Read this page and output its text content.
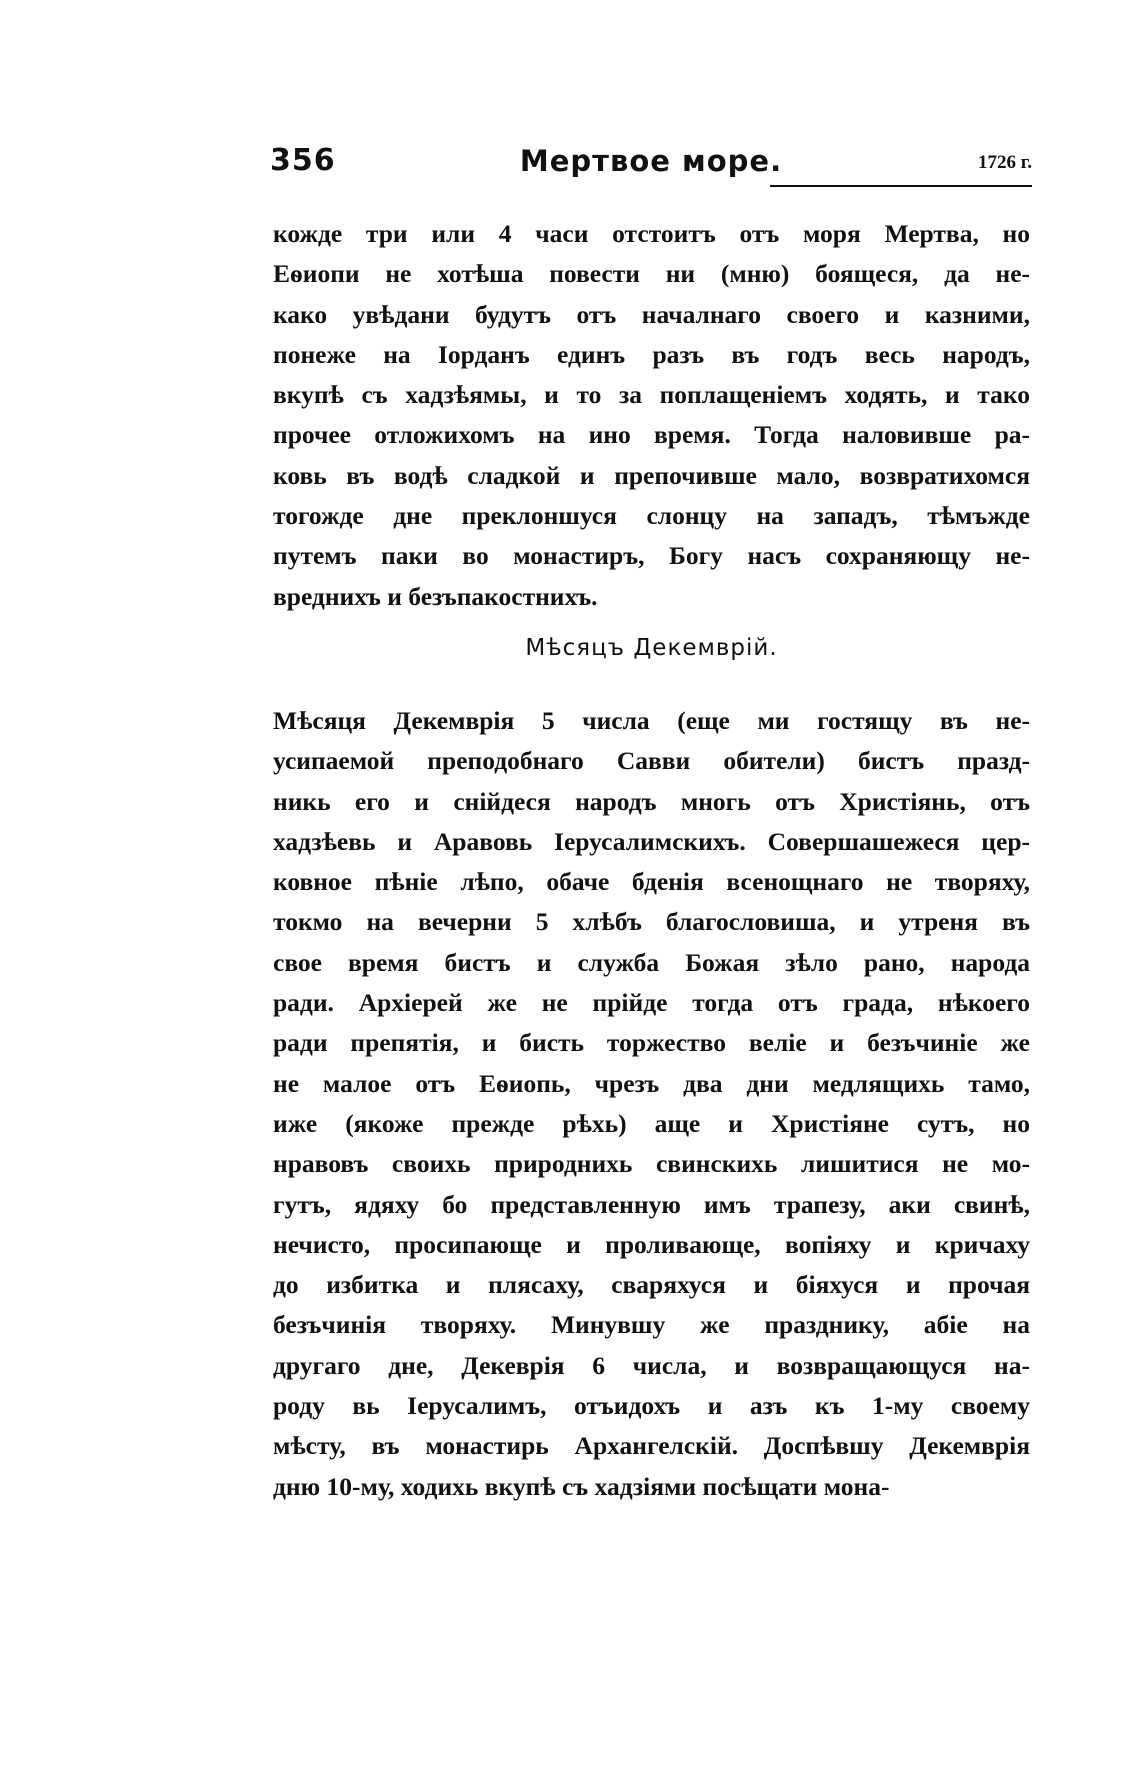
356	Мертвое море.	1726 г.
кожде три или 4 часи отстоитъ отъ моря Мертва, но
Еѳиопи не хотѣша повести ни (мню) боящеся, да не-
како увѣдани будутъ отъ началнаго своего и казними,
понеже на Iорданъ единъ разъ въ годъ весь народъ,
вкупѣ съ хадзѣямы, и то за поплащенiемъ ходять, и тако
прочее отложихомъ на ино время. Тогда наловивше ра-
ковь въ водѣ сладкой и препочивше мало, возвратихомся
тогожде дне преклоншуся слонцу на западъ, тѣмъжде
путемъ паки во монастиръ, Богу насъ сохраняющу не-
вреднихъ и безъпакостнихъ.
Мѣсяцъ Декемврiй.
Мѣсяця Декемврiя 5 числа (еще ми гостящу въ не-
усипаемой преподобнаго Савви обители) бистъ празд-
никь его и снiйдеся народъ многь отъ Христiянь, отъ
хадзѣевь и Аравовь Iерусалимскихъ. Совершашежеся цер-
ковное пѣнiе лѣпо, обаче бденiя всенощнаго не творяху,
токмо на вечерни 5 хлѣбъ благословиша, и утреня въ
свое время бистъ и служба Божая зѣло рано, народа
ради. Архiерей же не прiйде тогда отъ града, нѣкоего
ради препятiя, и бисть торжество велiе и безъчинiе же
не малое отъ Еѳиопь, чрезъ два дни медлящихь тамо,
иже (якоже прежде рѣхь) аще и Христiяне сутъ, но
нравовъ своихь природнихь свинскихь лишитися не мо-
гутъ, ядяху бо представленную имъ трапезу, аки свинѣ,
нечисто, просипающе и проливающе, вопiяху и кричаху
до избитка и плясаху, сваряхуся и бiяхуся и прочая
безъчинiя творяху. Минувшу же празднику, абiе на
другаго дне, Декеврiя 6 числа, и возвращающуся на-
роду вь Iерусалимъ, отъидохъ и азъ къ 1-му своему
мѣсту, въ монастирь Архангелскiй. Доспѣвшу Декемврiя
дню 10-му, ходихь вкупѣ съ хадзiями посѣщати мона-
